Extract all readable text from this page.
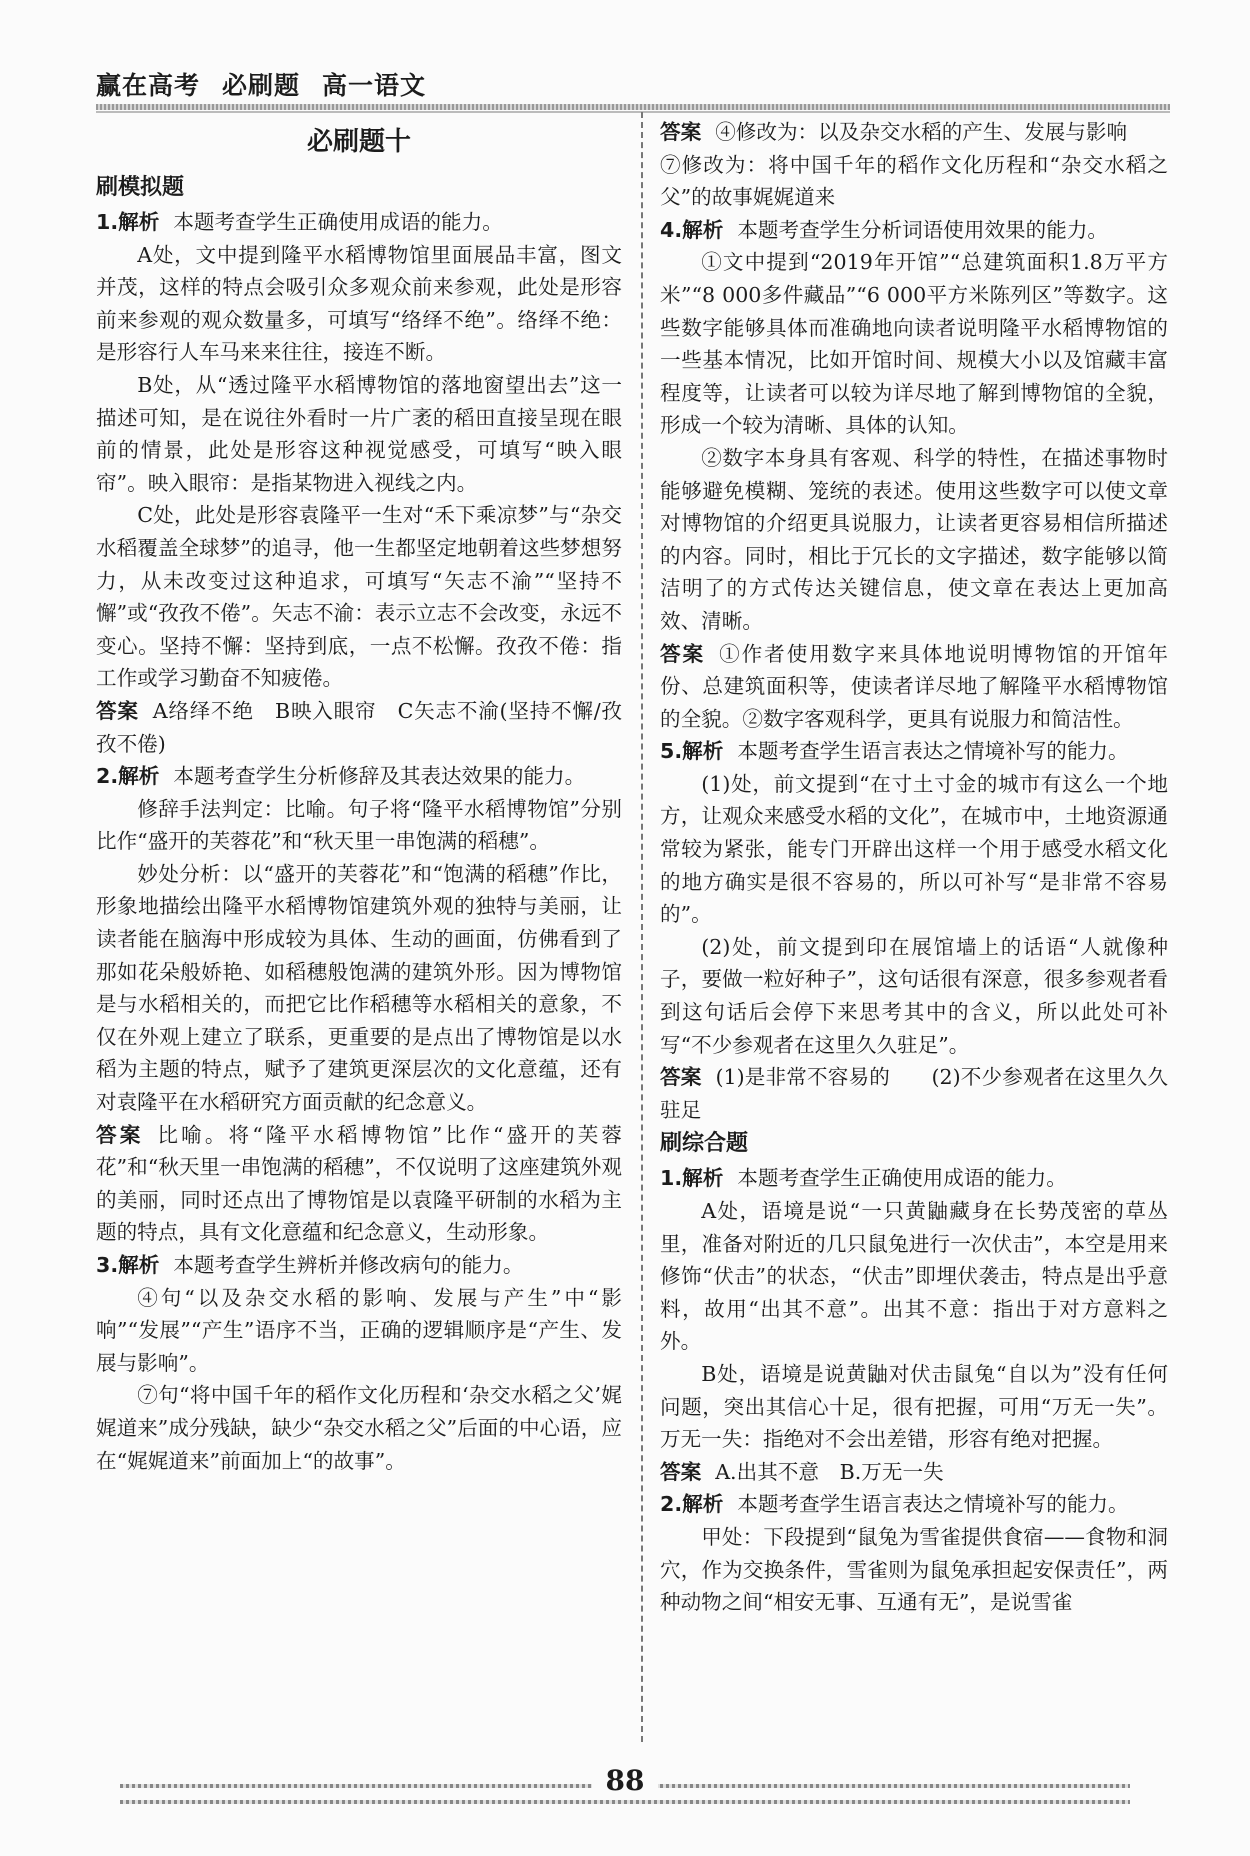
赢在高考 必刷题 高一语文

必刷题十

刷模拟题

1.解析 本题考查学生正确使用成语的能力。

A处，文中提到隆平水稻博物馆里面展品丰富，图文并茂，这样的特点会吸引众多观众前来参观，此处是形容前来参观的观众数量多，可填写“络绎不绝”。络绎不绝：是形容行人车马来来往往，接连不断。

B处，从“透过隆平水稻博物馆的落地窗望出去”这一描述可知，是在说往外看时一片广袤的稻田直接呈现在眼前的情景，此处是形容这种视觉感受，可填写“映入眼帘”。映入眼帘：是指某物进入视线之内。

C处，此处是形容袁隆平一生对“禾下乘凉梦”与“杂交水稻覆盖全球梦”的追寻，他一生都坚定地朝着这些梦想努力，从未改变过这种追求，可填写“矢志不渝”“坚持不懈”或“孜孜不倦”。矢志不渝：表示立志不会改变，永远不变心。坚持不懈：坚持到底，一点不松懈。孜孜不倦：指工作或学习勤奋不知疲倦。

答案 A络绎不绝　B映入眼帘　C矢志不渝(坚持不懈/孜孜不倦)

2.解析 本题考查学生分析修辞及其表达效果的能力。

修辞手法判定：比喻。句子将“隆平水稻博物馆”分别比作“盛开的芙蓉花”和“秋天里一串饱满的稻穗”。

妙处分析：以“盛开的芙蓉花”和“饱满的稻穗”作比，形象地描绘出隆平水稻博物馆建筑外观的独特与美丽，让读者能在脑海中形成较为具体、生动的画面，仿佛看到了那如花朵般娇艳、如稻穗般饱满的建筑外形。因为博物馆是与水稻相关的，而把它比作稻穗等水稻相关的意象，不仅在外观上建立了联系，更重要的是点出了博物馆是以水稻为主题的特点，赋予了建筑更深层次的文化意蕴，还有对袁隆平在水稻研究方面贡献的纪念意义。

答案 比喻。将“隆平水稻博物馆”比作“盛开的芙蓉花”和“秋天里一串饱满的稻穗”，不仅说明了这座建筑外观的美丽，同时还点出了博物馆是以袁隆平研制的水稻为主题的特点，具有文化意蕴和纪念意义，生动形象。

3.解析 本题考查学生辨析并修改病句的能力。

④句“以及杂交水稻的影响、发展与产生”中“影响”“发展”“产生”语序不当，正确的逻辑顺序是“产生、发展与影响”。

⑦句“将中国千年的稻作文化历程和‘杂交水稻之父’娓娓道来”成分残缺，缺少“杂交水稻之父”后面的中心语，应在“娓娓道来”前面加上“的故事”。

答案 ④修改为：以及杂交水稻的产生、发展与影响

⑦修改为：将中国千年的稻作文化历程和“杂交水稻之父”的故事娓娓道来

4.解析 本题考查学生分析词语使用效果的能力。

①文中提到“2019年开馆”“总建筑面积1.8万平方米”“8 000多件藏品”“6 000平方米陈列区”等数字。这些数字能够具体而准确地向读者说明隆平水稻博物馆的一些基本情况，比如开馆时间、规模大小以及馆藏丰富程度等，让读者可以较为详尽地了解到博物馆的全貌，形成一个较为清晰、具体的认知。

②数字本身具有客观、科学的特性，在描述事物时能够避免模糊、笼统的表述。使用这些数字可以使文章对博物馆的介绍更具说服力，让读者更容易相信所描述的内容。同时，相比于冗长的文字描述，数字能够以简洁明了的方式传达关键信息，使文章在表达上更加高效、清晰。

答案 ①作者使用数字来具体地说明博物馆的开馆年份、总建筑面积等，使读者详尽地了解隆平水稻博物馆的全貌。②数字客观科学，更具有说服力和简洁性。

5.解析 本题考查学生语言表达之情境补写的能力。

(1)处，前文提到“在寸土寸金的城市有这么一个地方，让观众来感受水稻的文化”，在城市中，土地资源通常较为紧张，能专门开辟出这样一个用于感受水稻文化的地方确实是很不容易的，所以可补写“是非常不容易的”。

(2)处，前文提到印在展馆墙上的话语“人就像种子，要做一粒好种子”，这句话很有深意，很多参观者看到这句话后会停下来思考其中的含义，所以此处可补写“不少参观者在这里久久驻足”。

答案 (1)是非常不容易的　　(2)不少参观者在这里久久驻足

刷综合题

1.解析 本题考查学生正确使用成语的能力。

A处，语境是说“一只黄鼬藏身在长势茂密的草丛里，准备对附近的几只鼠兔进行一次伏击”，本空是用来修饰“伏击”的状态，“伏击”即埋伏袭击，特点是出乎意料，故用“出其不意”。出其不意：指出于对方意料之外。

B处，语境是说黄鼬对伏击鼠兔“自以为”没有任何问题，突出其信心十足，很有把握，可用“万无一失”。万无一失：指绝对不会出差错，形容有绝对把握。

答案 A.出其不意　B.万无一失

2.解析 本题考查学生语言表达之情境补写的能力。

甲处：下段提到“鼠兔为雪雀提供食宿——食物和洞穴，作为交换条件，雪雀则为鼠兔承担起安保责任”，两种动物之间“相安无事、互通有无”，是说雪雀

88
